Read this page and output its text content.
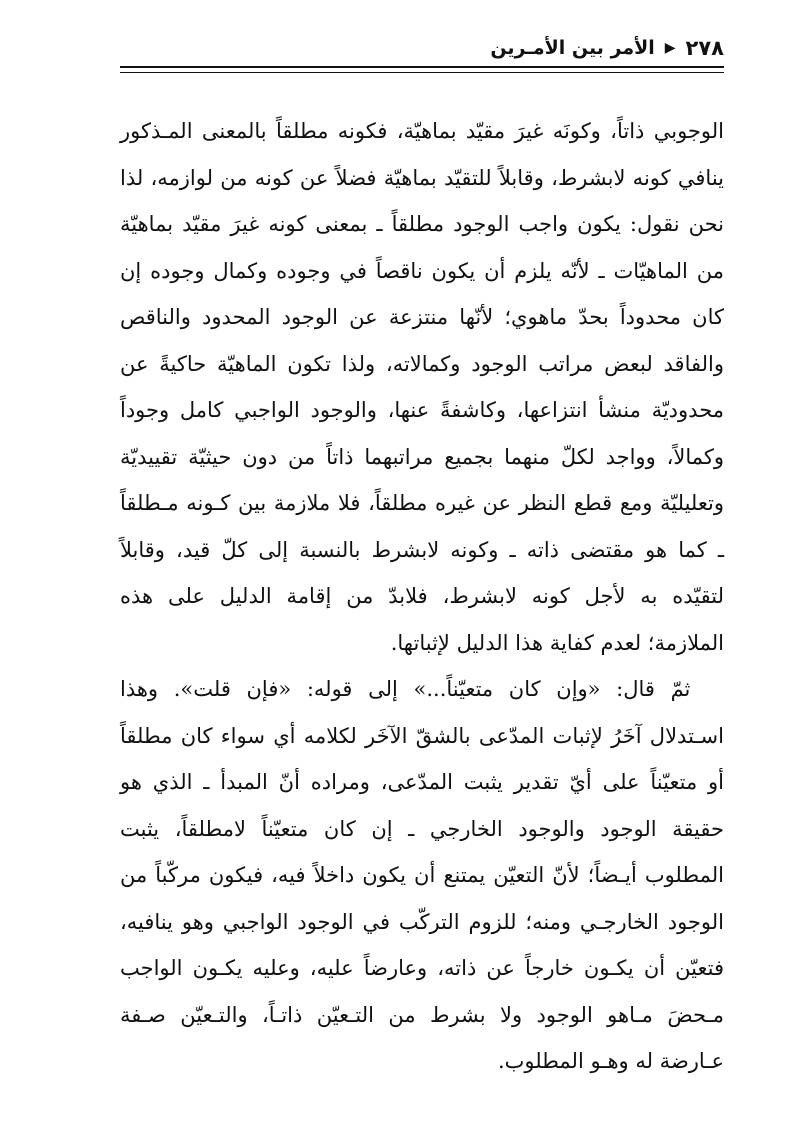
الأمر بين الأمـرين ▶ ٢٧٨

الوجوبي ذاتاً، وكونَه غيرَ مقيّد بماهيّة، فكونه مطلقاً بالمعنى المـذكور ينافي كونه لابشرط، وقابلاً للتقيّد بماهيّة فضلاً عن كونه من لوازمه، لذا نحن نقول: يكون واجب الوجود مطلقاً ـ بمعنى كونه غيرَ مقيّد بماهيّة من الماهيّات ـ لأنّه يلزم أن يكون ناقصاً في وجوده وكمال وجوده إن كان محدوداً بحدّ ماهوي؛ لأنّها منتزعة عن الوجود المحدود والناقص والفاقد لبعض مراتب الوجود وكمالاته، ولذا تكون الماهيّة حاكيةً عن محدوديّة منشأ انتزاعها، وكاشفةً عنها، والوجود الواجبي كامل وجوداً وكمالاً، وواجد لكلّ منهما بجميع مراتبهما ذاتاً من دون حيثيّة تقييديّة وتعليليّة ومع قطع النظر عن غيره مطلقاً، فلا ملازمة بين كـونه مـطلقاً ـ كما هو مقتضى ذاته ـ وكونه لابشرط بالنسبة إلى كلّ قيد، وقابلاً لتقيّده به لأجل كونه لابشرط، فلابدّ من إقامة الدليل على هذه الملازمة؛ لعدم كفاية هذا الدليل لإثباتها.

ثمّ قال: «وإن كان متعيّناً...» إلى قوله: «فإن قلت». وهذا اسـتدلال آخَرُ لإثبات المدّعى بالشقّ الآخَر لكلامه أي سواء كان مطلقاً أو متعيّناً على أيّ تقدير يثبت المدّعى، ومراده أنّ المبدأ ـ الذي هو حقيقة الوجود والوجود الخارجي ـ إن كان متعيّناً لامطلقاً، يثبت المطلوب أيـضاً؛ لأنّ التعيّن يمتنع أن يكون داخلاً فيه، فيكون مركّباً من الوجود الخارجـي ومنه؛ للزوم التركّب في الوجود الواجبي وهو ينافيه، فتعيّن أن يكـون خارجاً عن ذاته، وعارضاً عليه، وعليه يكـون الواجب مـحضَ مـاهو الوجود ولا بشرط من التـعيّن ذاتـاً، والتـعيّن صـفة عـارضة له وهـو المطلوب.
